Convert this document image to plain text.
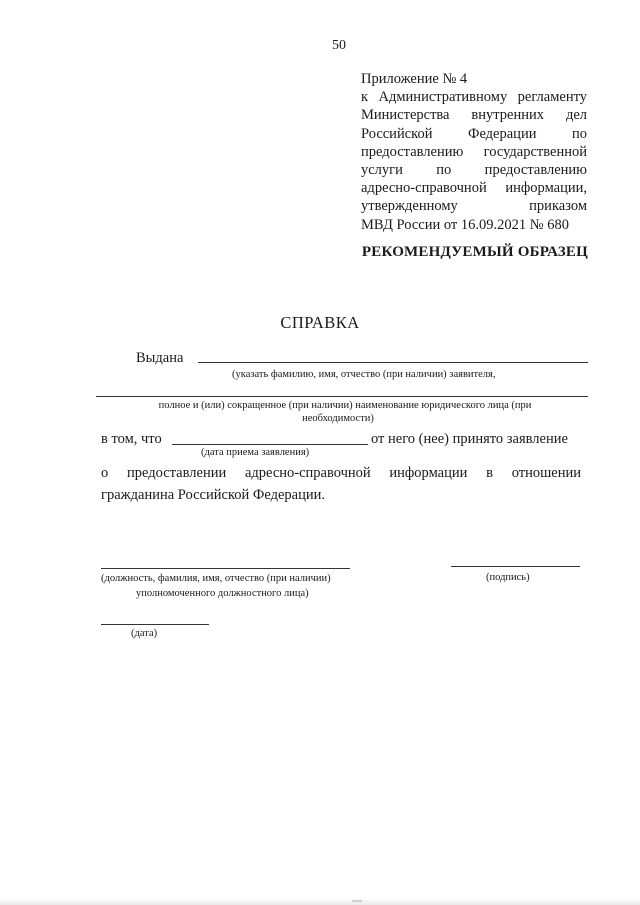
50
Приложение № 4
к Административному регламенту
Министерства внутренних дел
Российской Федерации по
предоставлению государственной
услуги по предоставлению
адресно-справочной информации,
утвержденному приказом
МВД России от 16.09.2021 № 680
РЕКОМЕНДУЕМЫЙ ОБРАЗЕЦ
СПРАВКА
Выдана
(указать фамилию, имя, отчество (при наличии) заявителя,
полное и (или) сокращенное (при наличии) наименование юридического лица (при
необходимости)
в том, что	от него (нее) принято заявление
(дата приема заявления)
о предоставлении адресно-справочной информации в отношении
гражданина Российской Федерации.
(должность, фамилия, имя, отчество (при наличии)
уполномоченного должностного лица)
(подпись)
(дата)
